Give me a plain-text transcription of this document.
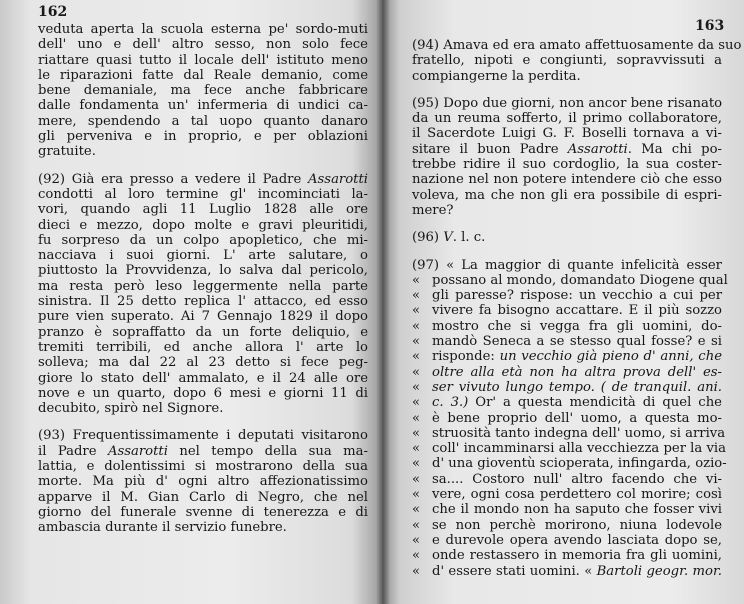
162
veduta aperta la scuola esterna pe' sordo-muti
dell' uno e dell' altro sesso, non solo fece
riattare quasi tutto il locale dell' istituto meno
le riparazioni fatte dal Reale demanio, come
bene demaniale, ma fece anche fabbricare
dalle fondamenta un' infermeria di undici ca-
mere, spendendo a tal uopo quanto danaro
gli perveniva e in proprio, e per oblazioni
gratuite.
(92) Già era presso a vedere il Padre Assarotti
condotti al loro termine gl' incominciati la-
vori, quando agli 11 Luglio 1828 alle ore
dieci e mezzo, dopo molte e gravi pleuritidi,
fu sorpreso da un colpo apopletico, che mi-
nacciava i suoi giorni. L' arte salutare, o
piuttosto la Provvidenza, lo salva dal pericolo,
ma resta però leso leggermente nella parte
sinistra. Il 25 detto replica l' attacco, ed esso
pure vien superato. Ai 7 Gennajo 1829 il dopo
pranzo è sopraffatto da un forte deliquio, e
tremiti terribili, ed anche allora l' arte lo
solleva; ma dal 22 al 23 detto si fece peg-
giore lo stato dell' ammalato, e il 24 alle ore
nove e un quarto, dopo 6 mesi e giorni 11 di
decubito, spirò nel Signore.
(93) Frequentissimamente i deputati visitarono
il Padre Assarotti nel tempo della sua ma-
lattia, e dolentissimi si mostrarono della sua
morte. Ma più d' ogni altro affezionatissimo
apparve il M. Gian Carlo di Negro, che nel
giorno del funerale svenne di tenerezza e di
ambascia durante il servizio funebre.
163
(94) Amava ed era amato affettuosamente da suo
fratello, nipoti e congiunti, sopravvissuti a
compiangerne la perdita.
(95) Dopo due giorni, non ancor bene risanato
da un reuma sofferto, il primo collaboratore,
il Sacerdote Luigi G. F. Boselli tornava a vi-
sitare il buon Padre Assarotti. Ma chi po-
trebbe ridire il suo cordoglio, la sua coster-
nazione nel non potere intendere ciò che esso
voleva, ma che non gli era possibile di espri-
mere?
(96) V. l. c.
(97) « La maggior di quante infelicità esser
« possano al mondo, domandato Diogene qual
« gli paresse? rispose: un vecchio a cui per
« vivere fa bisogno accattare. E il più sozzo
« mostro che si vegga fra gli uomini, do-
« mandò Seneca a se stesso qual fosse? e si
« risponde: un vecchio già pieno d' anni, che
« oltre alla età non ha altra prova dell' es-
« ser vivuto lungo tempo. ( de tranquil. ani.
« c. 3.) Or' a questa mendicità di quel che
« è bene proprio dell' uomo, a questa mo-
« struosità tanto indegna dell' uomo, si arriva
« coll' incamminarsi alla vecchiezza per la via
« d' una gioventù scioperata, infingarda, ozio-
« sa.... Costoro null' altro facendo che vi-
« vere, ogni cosa perdettero col morire; così
« che il mondo non ha saputo che fosser vivi
« se non perchè morirono, niuna lodevole
« e durevole opera avendo lasciata dopo se,
« onde restassero in memoria fra gli uomini,
« d' essere stati uomini. « Bartoli geogr. mor.
